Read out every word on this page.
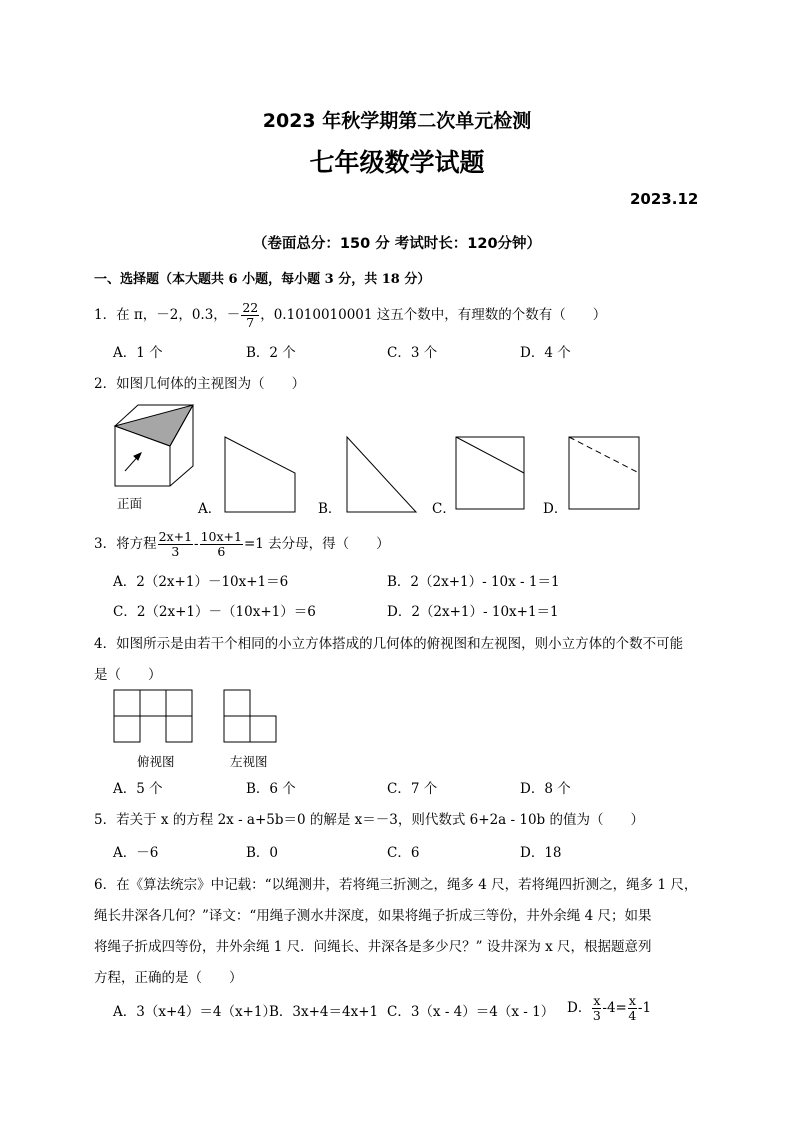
2023 年秋学期第二次单元检测
七年级数学试题
2023.12
（卷面总分：150 分 考试时长：120分钟）
一、选择题（本大题共 6 小题，每小题 3 分，共 18 分）
1．在 π，－2，0.3，－ $\frac{22}{7}$ ，0.1010010001 这五个数中，有理数的个数有（　　）
A．1 个	B．2 个	C．3 个	D．4 个
2．如图几何体的主视图为（　　）
正面	A．	B．	C．	D．
3．将方程 $\frac{2x+1}{3} - \frac{10x+1}{6} =1$ 去分母，得（　　）
A．2（2x+1）－10x+1＝6	B．2（2x+1）- 10x - 1＝1
C．2（2x+1）－（10x+1）＝6	D．2（2x+1）- 10x+1＝1
4．如图所示是由若干个相同的小立方体搭成的几何体的俯视图和左视图，则小立方体的个数不可能
是（　　）
俯视图	左视图
A．5 个	B．6 个	C．7 个	D．8 个
5．若关于 x 的方程 2x - a+5b＝0 的解是 x＝－3，则代数式 6+2a - 10b 的值为（　　）
A．－6	B．0	C．6	D．18
6．在《算法统宗》中记载：“以绳测井，若将绳三折测之，绳多 4 尺，若将绳四折测之，绳多 1 尺，
绳长井深各几何？”译文：“用绳子测水井深度，如果将绳子折成三等份，井外余绳 4 尺；如果
将绳子折成四等份，井外余绳 1 尺．问绳长、井深各是多少尺？” 设井深为 x 尺，根据题意列
方程，正确的是（　　）
A．3（x+4）＝4（x+1）
B．3x+4＝4x+1 C．3（x - 4）＝4（x - 1） D． $\frac{x}{3} -4= \frac{x}{4} -1$
